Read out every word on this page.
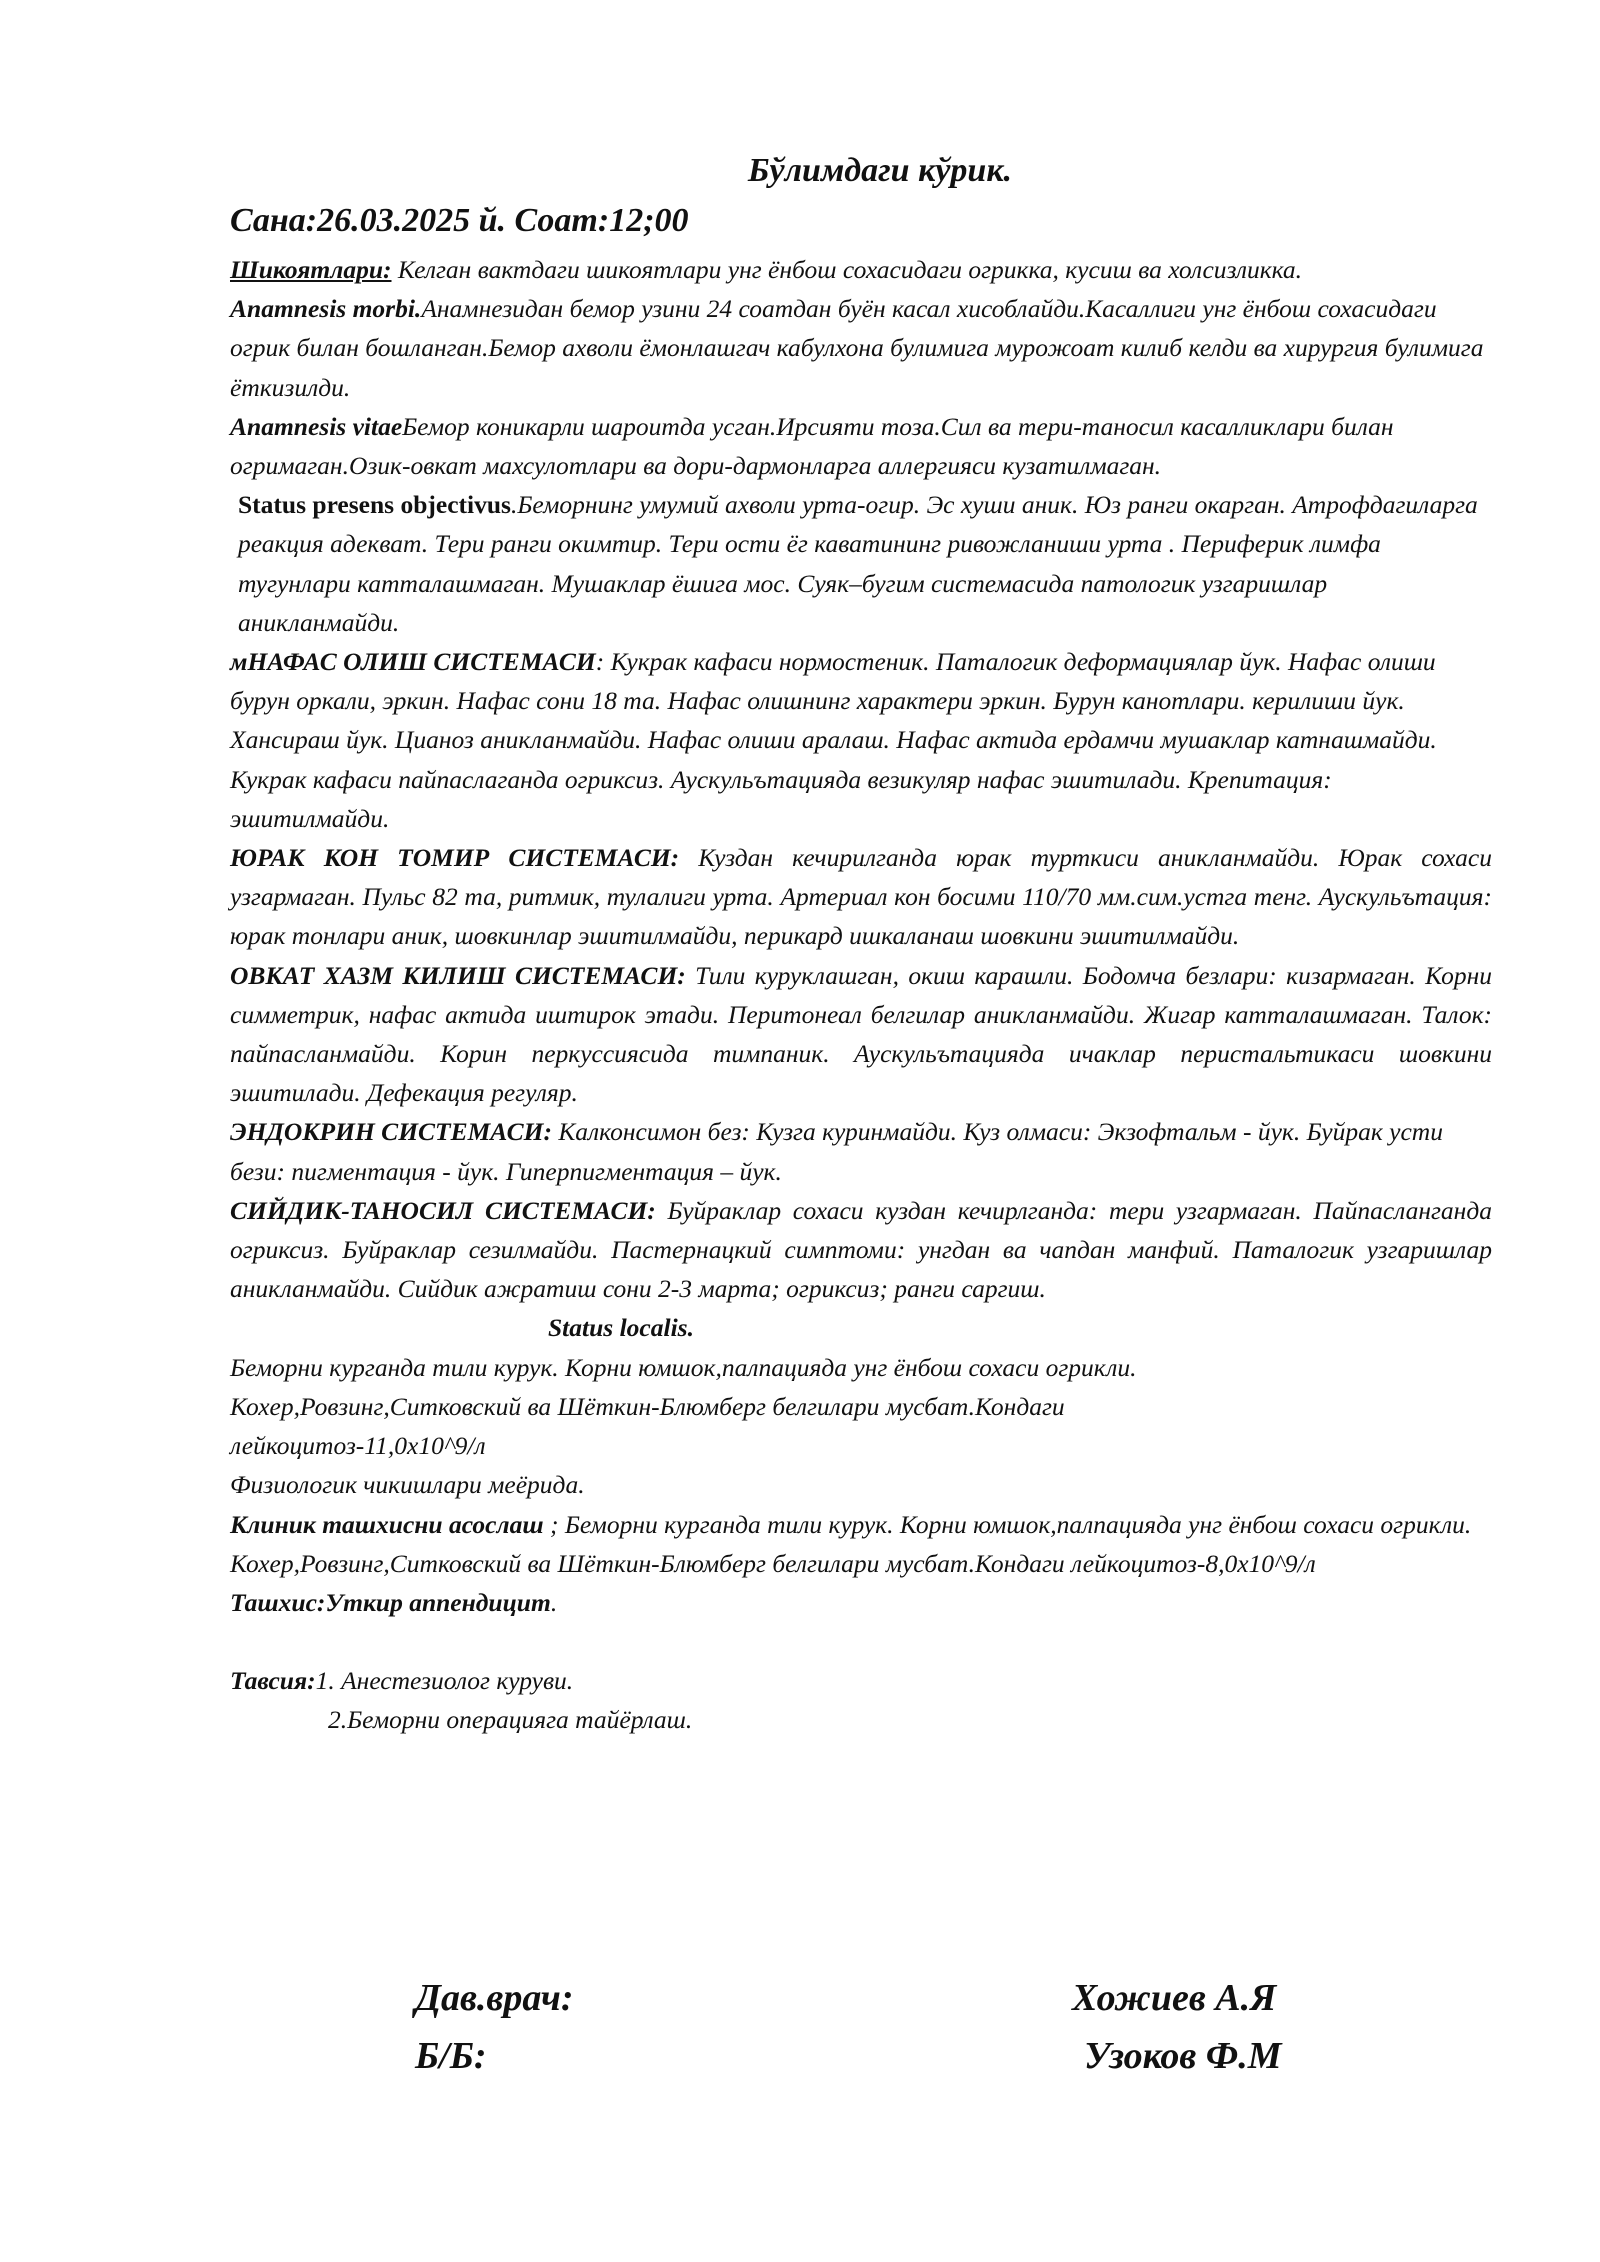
Бўлимдаги кўрик.
Сана:26.03.2025 й. Соат:12;00

Шикоятлари: Келган вактдаги шикоятлари унг ёнбош сохасидаги огрикка, кусиш ва холсизликка.

Anamnesis morbi.Анамнезидан бемор узини 24 соатдан буён касал хисоблайди.Касаллиги унг ёнбош сохасидаги огрик билан бошланган.Бемор ахволи ёмонлашгач кабулхона булимига мурожоат килиб келди ва хирургия булимига ёткизилди.

Anamnesis vitaeБемор коникарли шароитда усган.Ирсияти тоза.Сил ва тери-таносил касалликлари билан огримаган.Озик-овкат махсулотлари ва дори-дармонларга аллергияси кузатилмаган.

Status presens objectivus.Беморнинг умумий ахволи урта-огир. Эс хуши аник. Юз ранги окарган. Атрофдагиларга реакция адекват. Тери ранги окимтир. Тери ости ёг каватининг ривожланиши урта . Периферик лимфа тугунлари катталашмаган. Мушаклар ёшига мос. Суяк–бугим системасида патологик узгаришлар аникланмайди.

мНАФАС ОЛИШ СИСТЕМАСИ: Кукрак кафаси нормостеник. Паталогик деформациялар йук. Нафас олиши бурун оркали, эркин. Нафас сони 18 та. Нафас олишнинг характери эркин. Бурун канотлари. керилиши йук. Хансираш йук. Цианоз аникланмайди. Нафас олиши аралаш. Нафас актида ердамчи мушаклар катнашмайди. Кукрак кафаси пайпаслаганда огриксиз. Аускульътацияда везикуляр нафас эшитилади. Крепитация: эшитилмайди.

ЮРАК КОН ТОМИР СИСТЕМАСИ: Куздан кечирилганда юрак турткиси аникланмайди. Юрак сохаси узгармаган. Пульс 82 та, ритмик, тулалиги урта. Артериал кон босими 110/70 мм.сим.устга тенг. Аускульътация: юрак тонлари аник, шовкинлар эшитилмайди, перикард ишкаланаш шовкини эшитилмайди.

ОВКАТ ХАЗМ КИЛИШ СИСТЕМАСИ: Тили куруклашган, окиш карашли. Бодомча безлари: кизармаган. Корни симметрик, нафас актида иштирок этади. Перитонеал белгилар аникланмайди. Жигар катталашмаган. Талок: пайпасланмайди. Корин перкуссиясида тимпаник. Аускульътацияда ичаклар перистальтикаси шовкини эшитилади. Дефекация регуляр.

ЭНДОКРИН СИСТЕМАСИ: Калконсимон без: Кузга куринмайди. Куз олмаси: Экзофтальм - йук. Буйрак усти бези: пигментация - йук. Гиперпигментация – йук.

СИЙДИК-ТАНОСИЛ СИСТЕМАСИ: Буйраклар сохаси куздан кечирлганда: тери узгармаган. Пайпасланганда огриксиз. Буйраклар сезилмайди. Пастернацкий симптоми: унгдан ва чапдан манфий. Паталогик узгаришлар аникланмайди. Сийдик ажратиш сони 2-3 марта; огриксиз; ранги саргиш.

Status localis.

Беморни курганда тили курук. Корни юмшок,палпацияда унг ёнбош сохаси огрикли.

Кохер,Ровзинг,Ситковский ва Шёткин-Блюмберг белгилари мусбат.Кондаги

лейкоцитоз-11,0х10^9/л

Физиологик чикишлари меёрида.

Клиник ташхисни асослаш ; Беморни курганда тили курук. Корни юмшок,палпацияда унг ёнбош сохаси огрикли. Кохер,Ровзинг,Ситковский ва Шёткин-Блюмберг белгилари мусбат.Кондаги лейкоцитоз-8,0х10^9/л

Ташхис:Уткир аппендицит.

Тавсия:1. Анестезиолог куруви.

2.Беморни операцияга тайёрлаш.

Дав.врач:	Хожиев А.Я
Б/Б:	Узоков Ф.М
